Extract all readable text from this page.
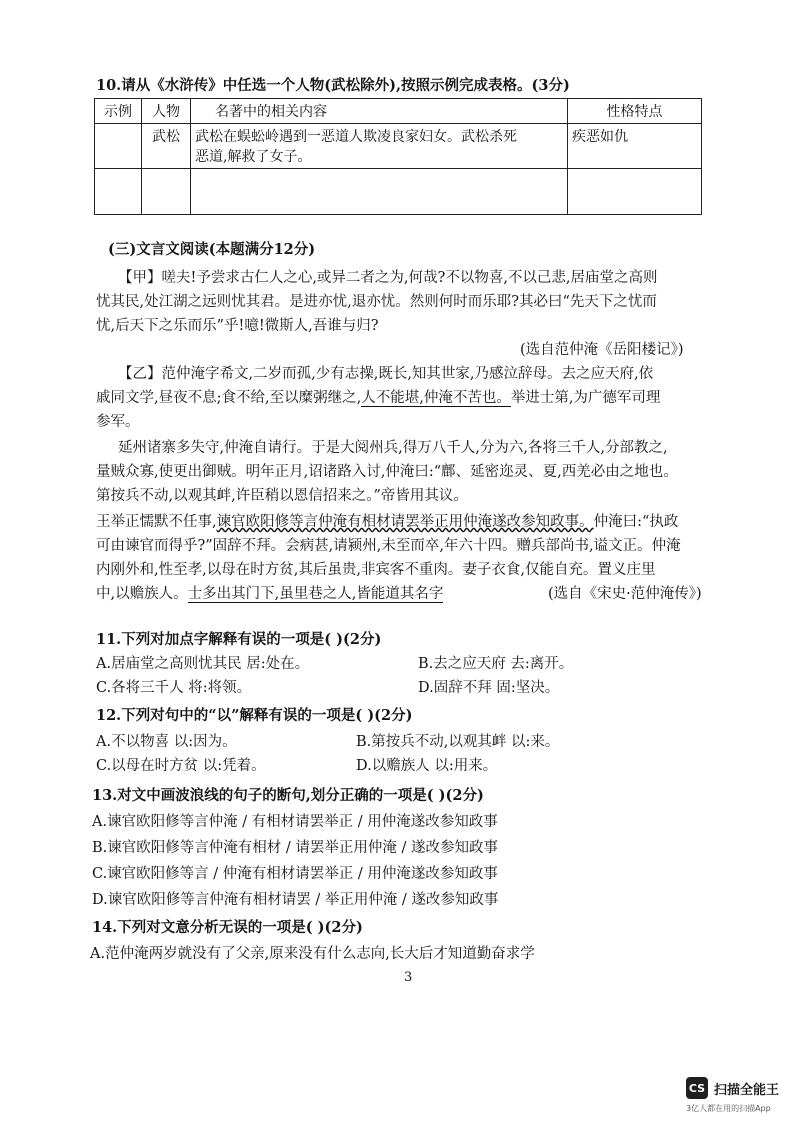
10.请从《水浒传》中任选一个人物(武松除外),按照示例完成表格。(3分)
示例	人物	名著中的相关内容	性格特点
	武松	武松在蜈蚣岭遇到一恶道人欺凌良家妇女。武松杀死
恶道,解救了女子。	疾恶如仇

(三)文言文阅读(本题满分12分)
【甲】嗟夫!予尝求古仁人之心,或异二者之为,何哉?不以物喜,不以己悲,居庙堂之高则
忧其民,处江湖之远则忧其君。是进亦忧,退亦忧。然则何时而乐耶?其必曰“先天下之忧而
忧,后天下之乐而乐”乎!噫!微斯人,吾谁与归?
(选自范仲淹《岳阳楼记》)
【乙】范仲淹字希文,二岁而孤,少有志操,既长,知其世家,乃感泣辞母。去之应天府,依
戚同文学,昼夜不息;食不给,至以糜粥继之,人不能堪,仲淹不苦也。举进士第,为广德军司理
参军。
延州诸寨多失守,仲淹自请行。于是大阅州兵,得万八千人,分为六,各将三千人,分部教之,
量贼众寡,使更出御贼。明年正月,诏诸路入讨,仲淹曰:“鄜、延密迩灵、夏,西羌必由之地也。
第按兵不动,以观其衅,许臣稍以恩信招来之。”帝皆用其议。
王举正懦默不任事,谏官欧阳修等言仲淹有相材请罢举正用仲淹遂改参知政事。仲淹曰:“执政
可由谏官而得乎?”固辞不拜。会病甚,请颍州,未至而卒,年六十四。赠兵部尚书,谥文正。仲淹
内刚外和,性至孝,以母在时方贫,其后虽贵,非宾客不重肉。妻子衣食,仅能自充。置义庄里
中,以赡族人。士多出其门下,虽里巷之人,皆能道其名字	(选自《宋史·范仲淹传》)
11.下列对加点字解释有误的一项是( )(2分)
A.居庙堂之高则忧其民 居:处在。	B.去之应天府 去:离开。
C.各将三千人 将:将领。	D.固辞不拜 固:坚决。
12.下列对句中的“以”解释有误的一项是( )(2分)
A.不以物喜 以:因为。	B.第按兵不动,以观其衅 以:来。
C.以母在时方贫 以:凭着。	D.以赡族人 以:用来。
13.对文中画波浪线的句子的断句,划分正确的一项是( )(2分)
A.谏官欧阳修等言仲淹 / 有相材请罢举正 / 用仲淹遂改参知政事
B.谏官欧阳修等言仲淹有相材 / 请罢举正用仲淹 / 遂改参知政事
C.谏官欧阳修等言 / 仲淹有相材请罢举正 / 用仲淹遂改参知政事
D.谏官欧阳修等言仲淹有相材请罢 / 举正用仲淹 / 遂改参知政事
14.下列对文意分析无误的一项是( )(2分)
A.范仲淹两岁就没有了父亲,原来没有什么志向,长大后才知道勤奋求学
3
CS 扫描全能王
3亿人都在用的扫描App
